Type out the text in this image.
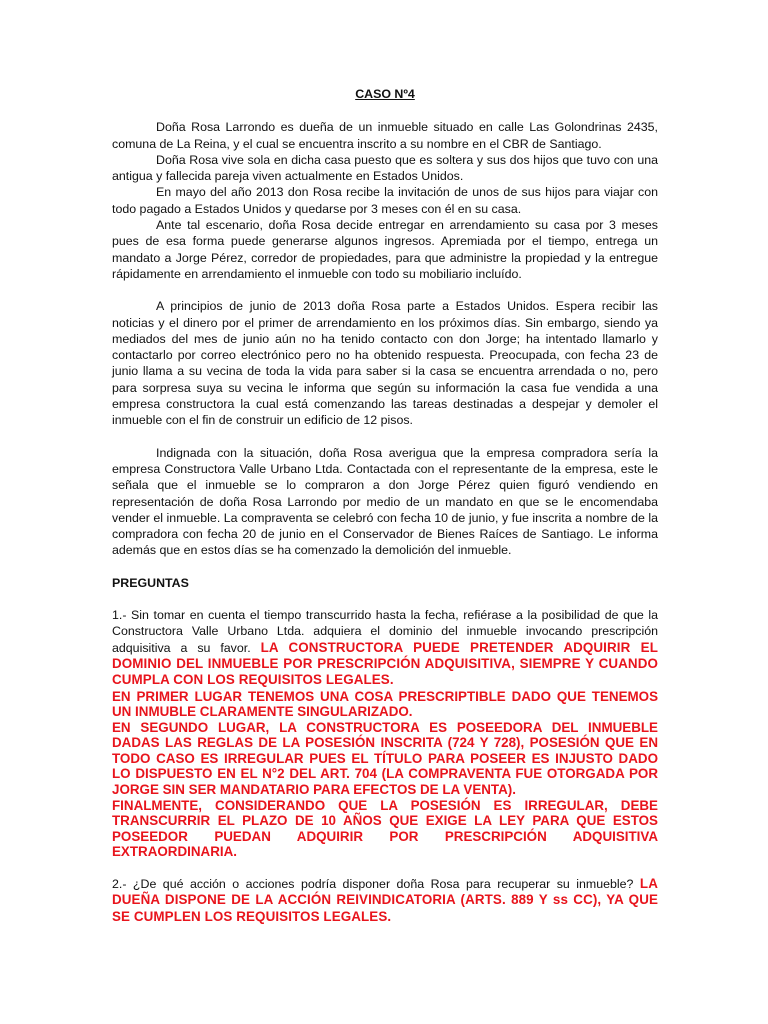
CASO Nº4

Doña Rosa Larrondo es dueña de un inmueble situado en calle Las Golondrinas 2435, comuna de La Reina, y el cual se encuentra inscrito a su nombre en el CBR de Santiago.

Doña Rosa vive sola en dicha casa puesto que es soltera y sus dos hijos que tuvo con una antigua y fallecida pareja viven actualmente en Estados Unidos.

En mayo del año 2013 don Rosa recibe la invitación de unos de sus hijos para viajar con todo pagado a Estados Unidos y quedarse por 3 meses con él en su casa.

Ante tal escenario, doña Rosa decide entregar en arrendamiento su casa por 3 meses pues de esa forma puede generarse algunos ingresos. Apremiada por el tiempo, entrega un mandato a Jorge Pérez, corredor de propiedades, para que administre la propiedad y la entregue rápidamente en arrendamiento el inmueble con todo su mobiliario incluído.

A principios de junio de 2013 doña Rosa parte a Estados Unidos. Espera recibir las noticias y el dinero por el primer de arrendamiento en los próximos días. Sin embargo, siendo ya mediados del mes de junio aún no ha tenido contacto con don Jorge; ha intentado llamarlo y contactarlo por correo electrónico pero no ha obtenido respuesta. Preocupada, con fecha 23 de junio llama a su vecina de toda la vida para saber si la casa se encuentra arrendada o no, pero para sorpresa suya su vecina le informa que según su información la casa fue vendida a una empresa constructora la cual está comenzando las tareas destinadas a despejar y demoler el inmueble con el fin de construir un edificio de 12 pisos.

Indignada con la situación, doña Rosa averigua que la empresa compradora sería la empresa Constructora Valle Urbano Ltda. Contactada con el representante de la empresa, este le señala que el inmueble se lo compraron a don Jorge Pérez quien figuró vendiendo en representación de doña Rosa Larrondo por medio de un mandato en que se le encomendaba vender el inmueble. La compraventa se celebró con fecha 10 de junio, y fue inscrita a nombre de la compradora con fecha 20 de junio en el Conservador de Bienes Raíces de Santiago. Le informa además que en estos días se ha comenzado la demolición del inmueble.

PREGUNTAS

1.- Sin tomar en cuenta el tiempo transcurrido hasta la fecha, refiérase a la posibilidad de que la Constructora Valle Urbano Ltda. adquiera el dominio del inmueble invocando prescripción adquisitiva a su favor. LA CONSTRUCTORA PUEDE PRETENDER ADQUIRIR EL DOMINIO DEL INMUEBLE POR PRESCRIPCIÓN ADQUISITIVA, SIEMPRE Y CUANDO CUMPLA CON LOS REQUISITOS LEGALES.

EN PRIMER LUGAR TENEMOS UNA COSA PRESCRIPTIBLE DADO QUE TENEMOS UN INMUBLE CLARAMENTE SINGULARIZADO.

EN SEGUNDO LUGAR, LA CONSTRUCTORA ES POSEEDORA DEL INMUEBLE DADAS LAS REGLAS DE LA POSESIÓN INSCRITA (724 Y 728), POSESIÓN QUE EN TODO CASO ES IRREGULAR PUES EL TÍTULO PARA POSEER ES INJUSTO DADO LO DISPUESTO EN EL N°2 DEL ART. 704 (LA COMPRAVENTA FUE OTORGADA POR JORGE SIN SER MANDATARIO PARA EFECTOS DE LA VENTA).

FINALMENTE, CONSIDERANDO QUE LA POSESIÓN ES IRREGULAR, DEBE TRANSCURRIR EL PLAZO DE 10 AÑOS QUE EXIGE LA LEY PARA QUE ESTOS POSEEDOR PUEDAN ADQUIRIR POR PRESCRIPCIÓN ADQUISITIVA EXTRAORDINARIA.

2.- ¿De qué acción o acciones podría disponer doña Rosa para recuperar su inmueble? LA DUEÑA DISPONE DE LA ACCIÓN REIVINDICATORIA (ARTS. 889 Y ss CC), YA QUE SE CUMPLEN LOS REQUISITOS LEGALES.
